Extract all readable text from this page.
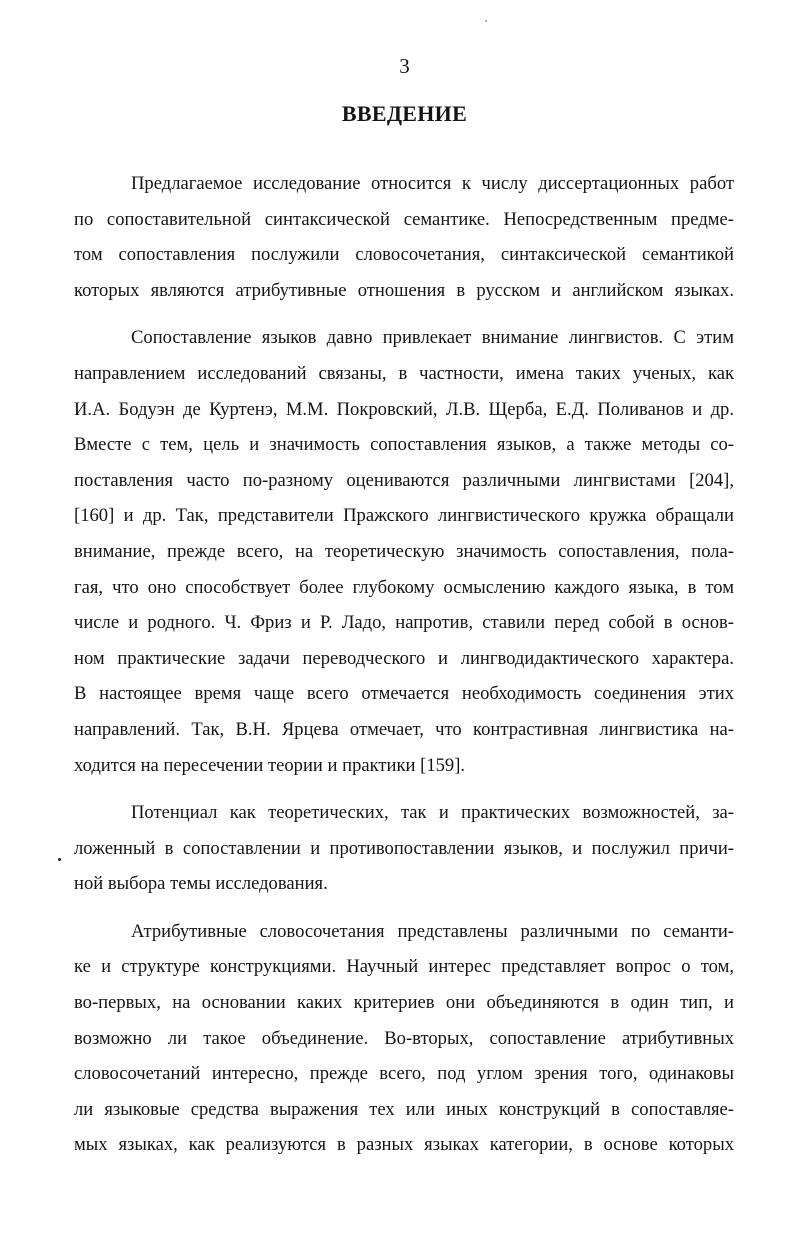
3
ВВЕДЕНИЕ
Предлагаемое исследование относится к числу диссертационных работ
по сопоставительной синтаксической семантике. Непосредственным предме-
том сопоставления послужили словосочетания, синтаксической семантикой
которых являются атрибутивные отношения в русском и английском языках.
Сопоставление языков давно привлекает внимание лингвистов. С этим
направлением исследований связаны, в частности, имена таких ученых, как
И.А. Бодуэн де Куртенэ, М.М. Покровский, Л.В. Щерба, Е.Д. Поливанов и др.
Вместе с тем, цель и значимость сопоставления языков, а также методы со-
поставления часто по-разному оцениваются различными лингвистами [204],
[160] и др. Так, представители Пражского лингвистического кружка обращали
внимание, прежде всего, на теоретическую значимость сопоставления, пола-
гая, что оно способствует более глубокому осмыслению каждого языка, в том
числе и родного. Ч. Фриз и Р. Ладо, напротив, ставили перед собой в основ-
ном практические задачи переводческого и лингводидактического характера.
В настоящее время чаще всего отмечается необходимость соединения этих
направлений. Так, В.Н. Ярцева отмечает, что контрастивная лингвистика на-
ходится на пересечении теории и практики [159].
Потенциал как теоретических, так и практических возможностей, за-
ложенный в сопоставлении и противопоставлении языков, и послужил причи-
ной выбора темы исследования.
Атрибутивные словосочетания представлены различными по семанти-
ке и структуре конструкциями. Научный интерес представляет вопрос о том,
во-первых, на основании каких критериев они объединяются в один тип, и
возможно ли такое объединение. Во-вторых, сопоставление атрибутивных
словосочетаний интересно, прежде всего, под углом зрения того, одинаковы
ли языковые средства выражения тех или иных конструкций в сопоставляе-
мых языках, как реализуются в разных языках категории, в основе которых
